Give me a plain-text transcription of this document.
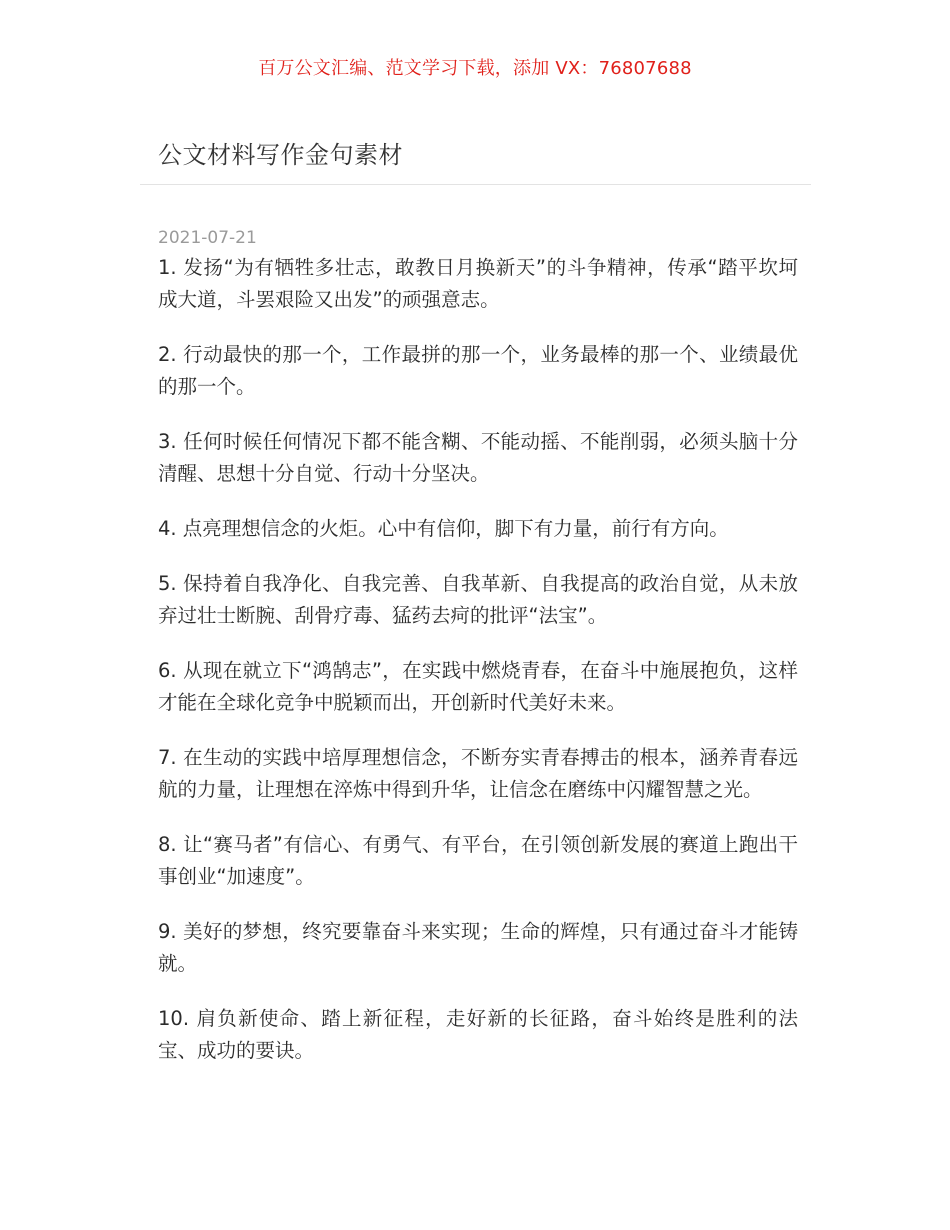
百万公文汇编、范文学习下载，添加 VX：76807688
公文材料写作金句素材
2021-07-21

1. 发扬“为有牺牲多壮志，敢教日月换新天”的斗争精神，传承“踏平坎坷成大道，斗罢艰险又出发”的顽强意志。

2. 行动最快的那一个，工作最拼的那一个，业务最棒的那一个、业绩最优的那一个。

3. 任何时候任何情况下都不能含糊、不能动摇、不能削弱，必须头脑十分清醒、思想十分自觉、行动十分坚决。

4. 点亮理想信念的火炬。心中有信仰，脚下有力量，前行有方向。

5. 保持着自我净化、自我完善、自我革新、自我提高的政治自觉，从未放弃过壮士断腕、刮骨疗毒、猛药去疴的批评“法宝”。

6. 从现在就立下“鸿鹄志”，在实践中燃烧青春，在奋斗中施展抱负，这样才能在全球化竞争中脱颖而出，开创新时代美好未来。

7. 在生动的实践中培厚理想信念，不断夯实青春搏击的根本，涵养青春远航的力量，让理想在淬炼中得到升华，让信念在磨练中闪耀智慧之光。

8. 让“赛马者”有信心、有勇气、有平台，在引领创新发展的赛道上跑出干事创业“加速度”。

9. 美好的梦想，终究要靠奋斗来实现；生命的辉煌，只有通过奋斗才能铸就。

10. 肩负新使命、踏上新征程，走好新的长征路，奋斗始终是胜利的法宝、成功的要诀。
